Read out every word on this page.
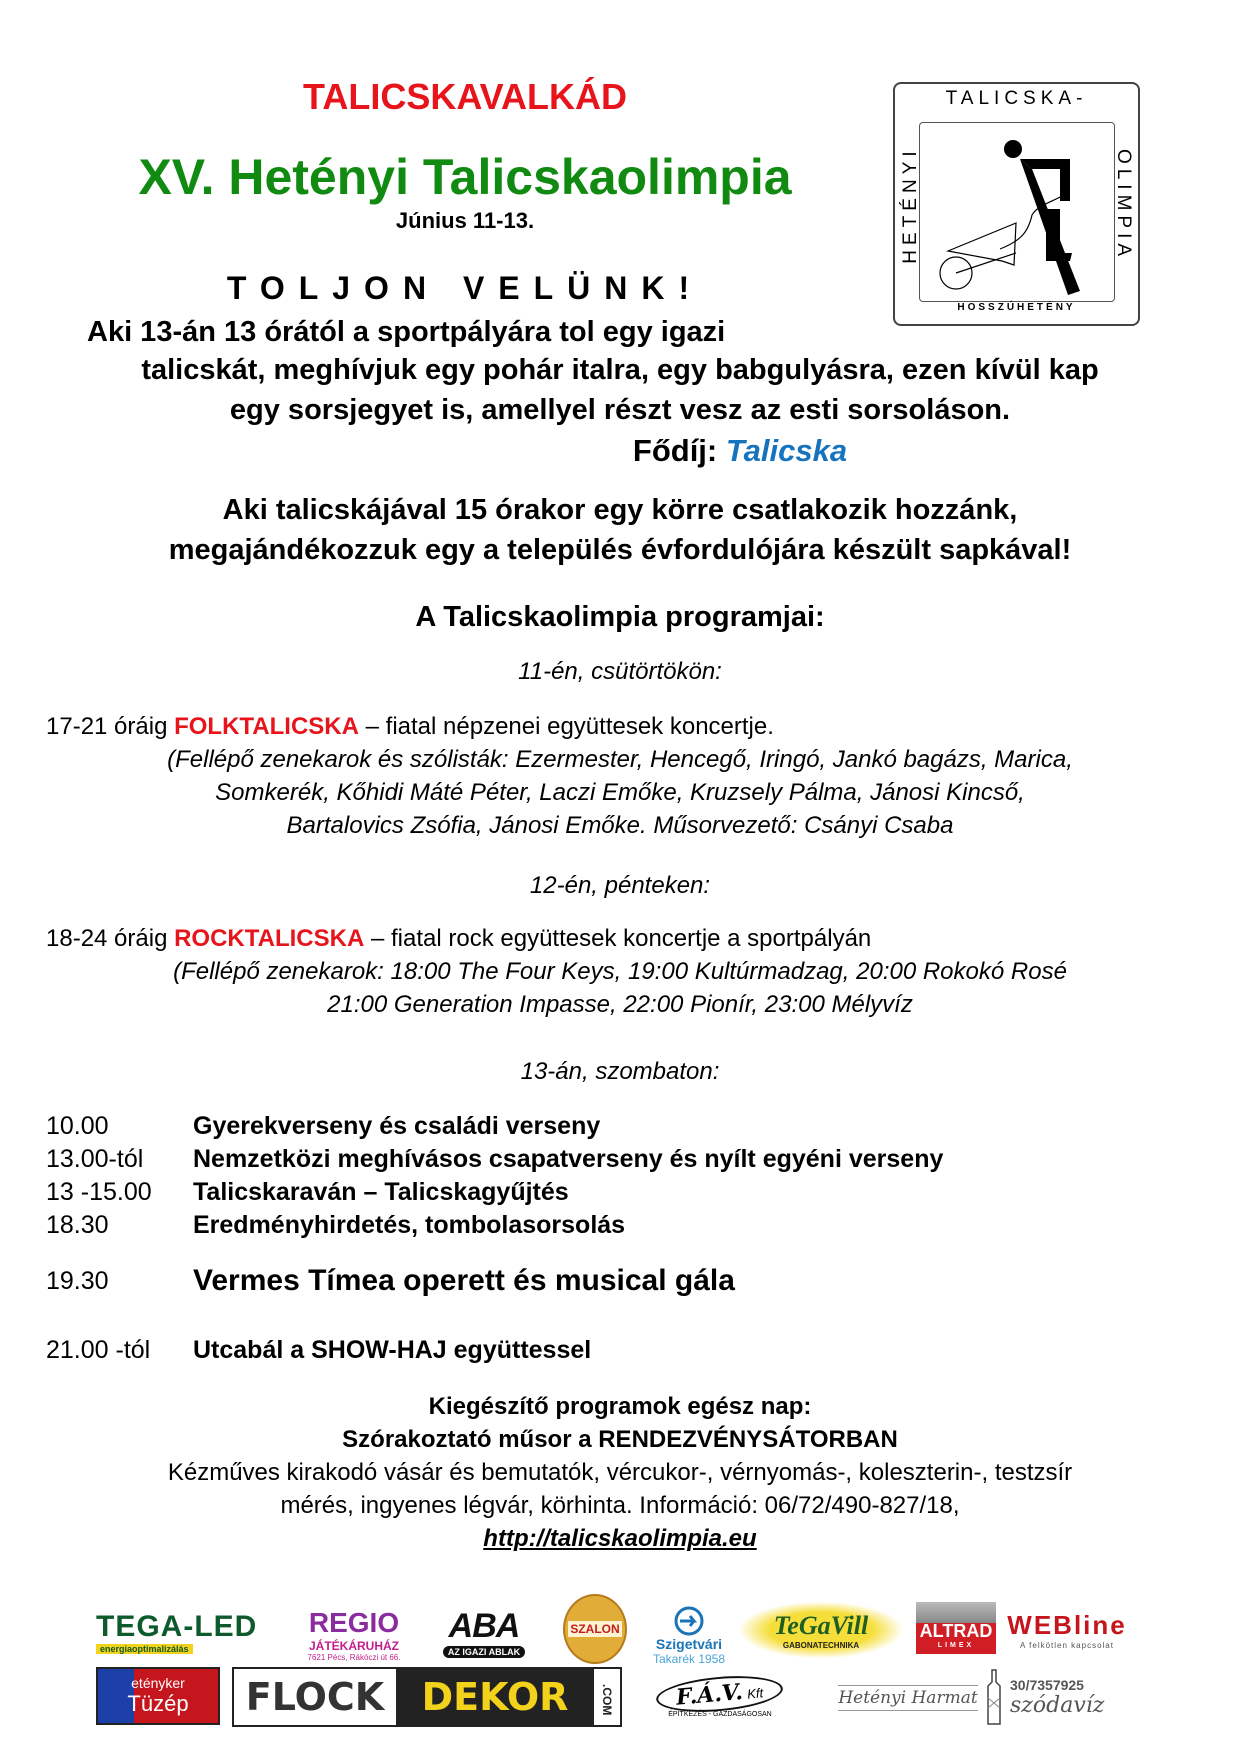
TALICSKAVALKÁD
XV. Hetényi Talicskaolimpia
Június 11-13.
TOLJON VELÜNK!
TALICSKA-
HETÉNYI	OLIMPIA
HOSSZÚHETÉNY
Aki 13-án 13 órától a sportpályára tol egy igazi
talicskát, meghívjuk egy pohár italra, egy babgulyásra, ezen kívül kap
egy sorsjegyet is, amellyel részt vesz az esti sorsoláson.
Fődíj: Talicska
Aki talicskájával 15 órakor egy körre csatlakozik hozzánk,
megajándékozzuk egy a település évfordulójára készült sapkával!
A Talicskaolimpia programjai:
11-én, csütörtökön:
17-21 óráig FOLKTALICSKA – fiatal népzenei együttesek koncertje.
(Fellépő zenekarok és szólisták: Ezermester, Hencegő, Iringó, Jankó bagázs, Marica,
Somkerék, Kőhidi Máté Péter, Laczi Emőke, Kruzsely Pálma, Jánosi Kincső,
Bartalovics Zsófia, Jánosi Emőke. Műsorvezető: Csányi Csaba
12-én, pénteken:
18-24 óráig ROCKTALICSKA – fiatal rock együttesek koncertje a sportpályán
(Fellépő zenekarok: 18:00 The Four Keys, 19:00 Kultúrmadzag, 20:00 Rokokó Rosé
21:00 Generation Impasse, 22:00 Pionír, 23:00 Mélyvíz
13-án, szombaton:
10.00	Gyerekverseny és családi verseny
13.00-tól	Nemzetközi meghívásos csapatverseny és nyílt egyéni verseny
13 -15.00	Talicskaraván – Talicskagyűjtés
18.30	Eredményhirdetés, tombolasorsolás
19.30	Vermes Tímea operett és musical gála
21.00 -tól	Utcabál a SHOW-HAJ együttessel
Kiegészítő programok egész nap:
Szórakoztató műsor a RENDEZVÉNYSÁTORBAN
Kézműves kirakodó vásár és bemutatók, vércukor-, vérnyomás-, koleszterin-, testzsír
mérés, ingyenes légvár, körhinta. Információ: 06/72/490-827/18,
http://talicskaolimpia.eu
TEGA-LED
energiaoptimalizálás
REGIO
JÁTÉKÁRUHÁZ
7621 Pécs, Rákóczi út 66.
ABA
AZ IGAZI ABLAK
SZALON
Szigetvári
Takarék 1958
TeGaVill
GABONATECHNIKA
ALTRAD
LIMEX
WEBline
A felkötlen kapcsolat
etényker
Tüzép	FLOCK DEKOR	.COM	F.Á.V. Kft
ÉPÍTKEZÉS - GAZDASÁGOSAN
Hetényi Harmat
30/7357925
szódavíz
